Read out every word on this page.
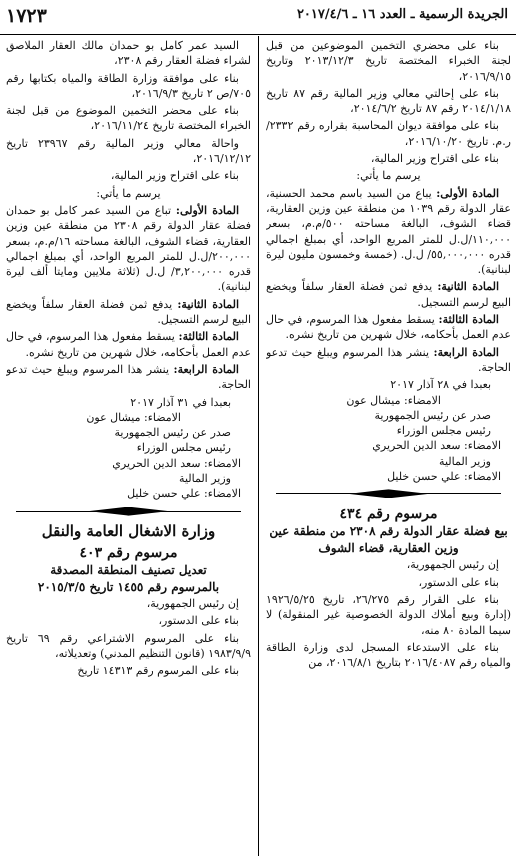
الجريدة الرسمية ـ العدد ١٦ ـ ٢٠١٧/٤/٦
١٧٢٣

بناء على محضري التخمين الموضوعين من قبل لجنة الخبراء المختصة تاريخ ٢٠١٣/١٢/٣ وتاريخ ٢٠١٦/٩/١٥،

بناء على إحالتي معالي وزير المالية رقم ٨٧ تاريخ ٢٠١٤/١/١٨ رقم ٨٧ تاريخ ٢٠١٤/٦/٢،

بناء على موافقة ديوان المحاسبة بقراره رقم ٢٣٣٢/ر.م. تاريخ ٢٠١٦/١٠/٢٠،

بناء على اقتراح وزير المالية،

يرسم ما يأتي:

المادة الأولى: يباع من السيد باسم محمد الحسنية، عقار الدولة رقم ١٠٣٩ من منطقة عين وزين العقارية، قضاء الشوف، البالغة مساحته ٥٠٠/م.م، بسعر ١١٠,٠٠٠/ل.ل للمتر المربع الواحد، أي بمبلغ اجمالي قدره ٥٥,٠٠٠,٠٠٠/ ل.ل. (خمسة وخمسون مليون ليرة لبنانية).

المادة الثانية: يدفع ثمن فضلة العقار سلفاً ويخضع البيع لرسم التسجيل.

المادة الثالثة: يسقط مفعول هذا المرسوم، في حال عدم العمل بأحكامه، خلال شهرين من تاريخ نشره.

المادة الرابعة: ينشر هذا المرسوم ويبلغ حيث تدعو الحاجة.

بعبدا في ٢٨ آذار ٢٠١٧

الامضاء: ميشال عون

صدر عن رئيس الجمهورية

رئيس مجلس الوزراء

الامضاء: سعد الدين الحريري

وزير المالية

الامضاء: علي حسن خليل

مرسوم رقم ٤٣٤

بيع فضلة عقار الدولة رقم ٢٣٠٨ من منطقة عين وزين العقارية، قضاء الشوف

إن رئيس الجمهورية،

بناء على الدستور،

بناء على القرار رقم ٢٦/٢٧٥، تاريخ ١٩٢٦/٥/٢٥ (إدارة وبيع أملاك الدولة الخصوصية غير المنقولة) لا سيما المادة ٨٠ منه،

بناء على الاستدعاء المسجل لدى وزارة الطاقة والمياه رقم ٢٠١٦/٤٠٨٧ بتاريخ ٢٠١٦/٨/١، من

السيد عمر كامل بو حمدان مالك العقار الملاصق لشراء فضلة العقار رقم ٢٣٠٨،

بناء على موافقة وزارة الطاقة والمياه بكتابها رقم ٧٠٥/ص ٢ تاريخ ٢٠١٦/٩/٣،

بناء على محضر التخمين الموضوع من قبل لجنة الخبراء المختصة تاريخ ٢٠١٦/١١/٢٤،

واحالة معالي وزير المالية رقم ٢٣٩٦٧ تاريخ ٢٠١٦/١٢/١٢،

بناء على اقتراح وزير المالية،

يرسم ما يأتي:

المادة الأولى: تباع من السيد عمر كامل بو حمدان فضلة عقار الدولة رقم ٢٣٠٨ من منطقة عين وزين العقارية، قضاء الشوف، البالغة مساحته ١٦/م.م، بسعر ٢٠٠,٠٠٠/ل.ل للمتر المربع الواحد، أي بمبلغ اجمالي قدره ٣,٢٠٠,٠٠٠/ ل.ل (ثلاثة ملايين ومايتا ألف ليرة لبنانية).

المادة الثانية: يدفع ثمن فضلة العقار سلفاً ويخضع البيع لرسم التسجيل.

المادة الثالثة: يسقط مفعول هذا المرسوم، في حال عدم العمل بأحكامه، خلال شهرين من تاريخ نشره.

المادة الرابعة: ينشر هذا المرسوم ويبلغ حيث تدعو الحاجة.

بعبدا في ٣١ آذار ٢٠١٧

الامضاء: ميشال عون

صدر عن رئيس الجمهورية

رئيس مجلس الوزراء

الامضاء: سعد الدين الحريري

وزير المالية

الامضاء: علي حسن خليل

وزارة الاشغال العامة والنقل

مرسوم رقم ٤٠٣

تعديل تصنيف المنطقة المصدقة

بالمرسوم رقم ١٤٥٥ تاريخ ٢٠١٥/٣/٥

إن رئيس الجمهورية،

بناء على الدستور،

بناء على المرسوم الاشتراعي رقم ٦٩ تاريخ ١٩٨٣/٩/٩ (قانون التنظيم المدني) وتعديلاته،

بناء على المرسوم رقم ١٤٣١٣ تاريخ
